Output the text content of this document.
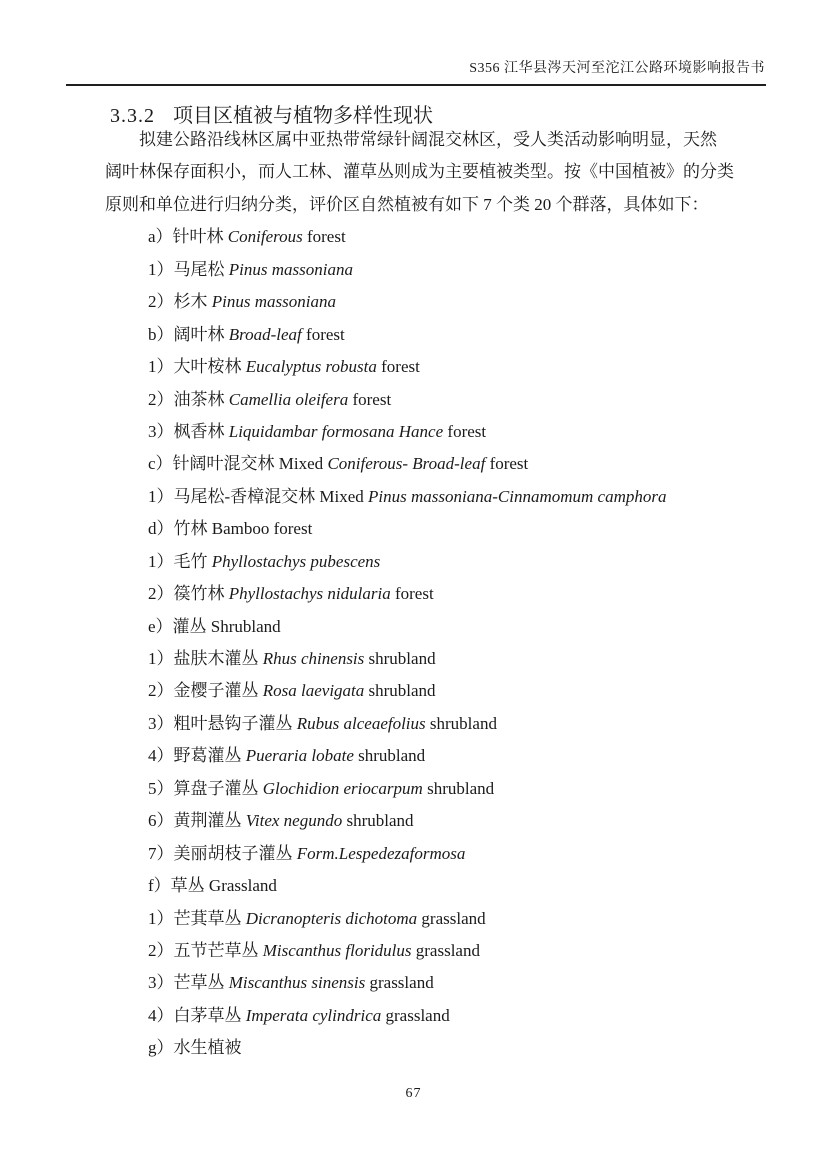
S356 江华县涔天河至沱江公路环境影响报告书
3.3.2 项目区植被与植物多样性现状
拟建公路沿线林区属中亚热带常绿针阔混交林区，受人类活动影响明显，天然
阔叶林保存面积小，而人工林、灌草丛则成为主要植被类型。按《中国植被》的分类
原则和单位进行归纳分类，评价区自然植被有如下 7 个类 20 个群落，具体如下：
a）针叶林 Coniferous forest
1）马尾松 Pinus massoniana
2）杉木 Pinus massoniana
b）阔叶林 Broad-leaf forest
1）大叶桉林 Eucalyptus robusta forest
2）油茶林 Camellia oleifera forest
3）枫香林 Liquidambar formosana Hance forest
c）针阔叶混交林 Mixed Coniferous- Broad-leaf forest
1）马尾松-香樟混交林 Mixed Pinus massoniana-Cinnamomum camphora
d）竹林 Bamboo forest
1）毛竹 Phyllostachys pubescens
2）篌竹林 Phyllostachys nidularia forest
e）灌丛 Shrubland
1）盐肤木灌丛 Rhus chinensis shrubland
2）金樱子灌丛 Rosa laevigata shrubland
3）粗叶悬钩子灌丛 Rubus alceaefolius shrubland
4）野葛灌丛 Pueraria lobate shrubland
5）算盘子灌丛 Glochidion eriocarpum shrubland
6）黄荆灌丛 Vitex negundo shrubland
7）美丽胡枝子灌丛 Form.Lespedezaformosa
f）草丛 Grassland
1）芒萁草丛 Dicranopteris dichotoma grassland
2）五节芒草丛 Miscanthus floridulus grassland
3）芒草丛 Miscanthus sinensis grassland
4）白茅草丛 Imperata cylindrica grassland
g）水生植被
67
